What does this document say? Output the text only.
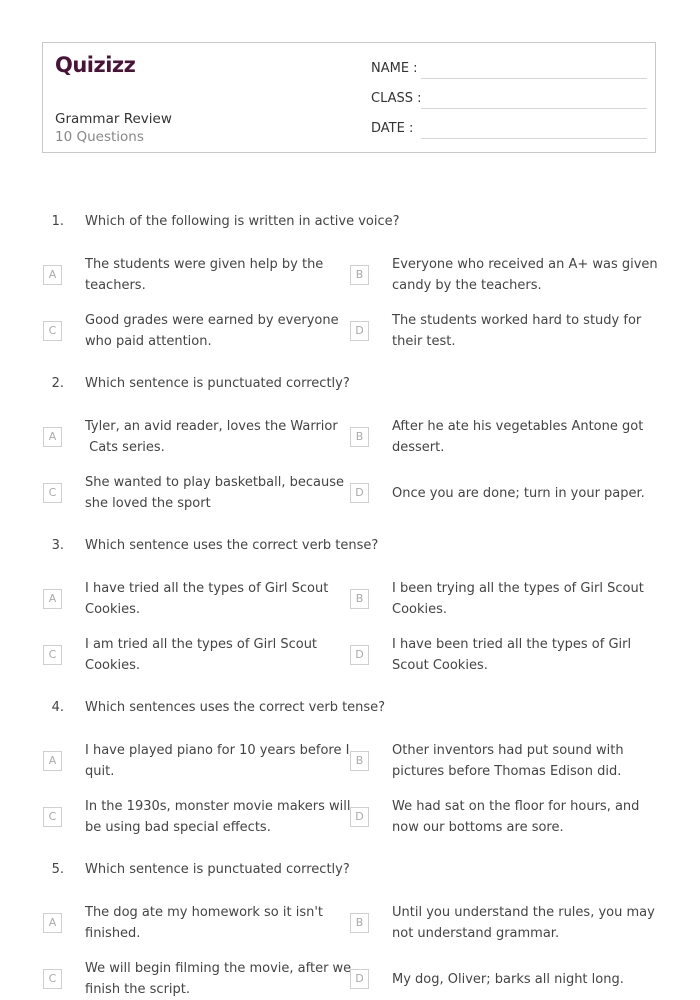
Quizizz
Grammar Review
10 Questions
NAME :
CLASS :
DATE :
1. Which of the following is written in active voice?
A
The students were given help by the
teachers.
B
Everyone who received an A+ was given
candy by the teachers.
C
Good grades were earned by everyone
who paid attention.
D
The students worked hard to study for
their test.
2. Which sentence is punctuated correctly?
A
Tyler, an avid reader, loves the Warrior
Cats series.
B
After he ate his vegetables Antone got
dessert.
C
She wanted to play basketball, because
she loved the sport
D	Once you are done; turn in your paper.
3. Which sentence uses the correct verb tense?
A
I have tried all the types of Girl Scout
Cookies.
B
I been trying all the types of Girl Scout
Cookies.
C
I am tried all the types of Girl Scout
Cookies.
D
I have been tried all the types of Girl
Scout Cookies.
4. Which sentences uses the correct verb tense?
A
I have played piano for 10 years before I
quit.
B
Other inventors had put sound with
pictures before Thomas Edison did.
C
In the 1930s, monster movie makers will
be using bad special effects.
D
We had sat on the floor for hours, and
now our bottoms are sore.
5. Which sentence is punctuated correctly?
A
The dog ate my homework so it isn't
finished.
B
Until you understand the rules, you may
not understand grammar.
C
We will begin filming the movie, after we
finish the script.
D	My dog, Oliver; barks all night long.
